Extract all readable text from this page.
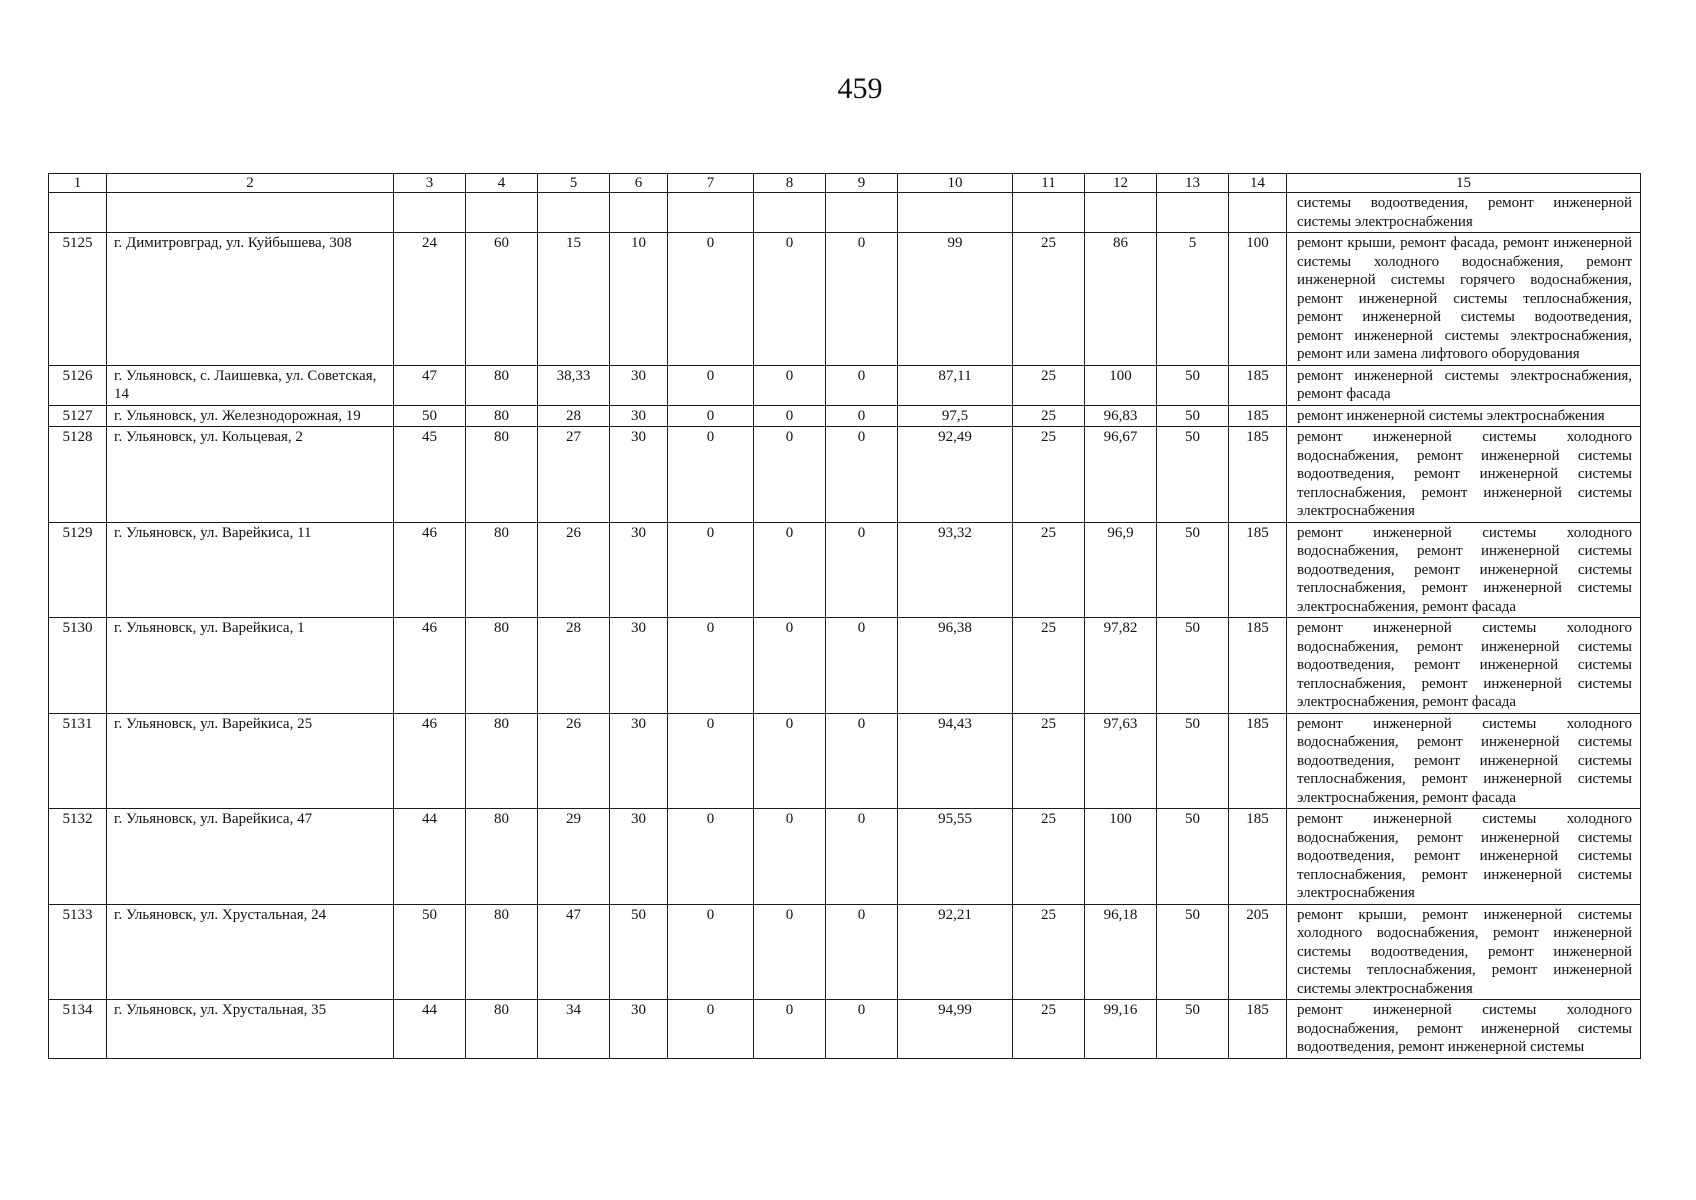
459
1	2	3	4	5	6	7	8	9	10	11	12	13	14	15
														системы водоотведения, ремонт инженерной системы электроснабжения
5125	г. Димитровград, ул. Куйбышева, 308	24	60	15	10	0	0	0	99	25	86	5	100	ремонт крыши, ремонт фасада, ремонт инженерной системы холодного водоснабжения, ремонт инженерной системы горячего водоснабжения, ремонт инженерной системы теплоснабжения, ремонт инженерной системы водоотведения, ремонт инженерной системы электроснабжения, ремонт или замена лифтового оборудования
5126	г. Ульяновск, с. Лаишевка, ул. Советская, 14	47	80	38,33	30	0	0	0	87,11	25	100	50	185	ремонт инженерной системы электроснабжения, ремонт фасада
5127	г. Ульяновск, ул. Железнодорожная, 19	50	80	28	30	0	0	0	97,5	25	96,83	50	185	ремонт инженерной системы электроснабжения
5128	г. Ульяновск, ул. Кольцевая, 2	45	80	27	30	0	0	0	92,49	25	96,67	50	185	ремонт инженерной системы холодного водоснабжения, ремонт инженерной системы водоотведения, ремонт инженерной системы теплоснабжения, ремонт инженерной системы электроснабжения
5129	г. Ульяновск, ул. Варейкиса, 11	46	80	26	30	0	0	0	93,32	25	96,9	50	185	ремонт инженерной системы холодного водоснабжения, ремонт инженерной системы водоотведения, ремонт инженерной системы теплоснабжения, ремонт инженерной системы электроснабжения, ремонт фасада
5130	г. Ульяновск, ул. Варейкиса, 1	46	80	28	30	0	0	0	96,38	25	97,82	50	185	ремонт инженерной системы холодного водоснабжения, ремонт инженерной системы водоотведения, ремонт инженерной системы теплоснабжения, ремонт инженерной системы электроснабжения, ремонт фасада
5131	г. Ульяновск, ул. Варейкиса, 25	46	80	26	30	0	0	0	94,43	25	97,63	50	185	ремонт инженерной системы холодного водоснабжения, ремонт инженерной системы водоотведения, ремонт инженерной системы теплоснабжения, ремонт инженерной системы электроснабжения, ремонт фасада
5132	г. Ульяновск, ул. Варейкиса, 47	44	80	29	30	0	0	0	95,55	25	100	50	185	ремонт инженерной системы холодного водоснабжения, ремонт инженерной системы водоотведения, ремонт инженерной системы теплоснабжения, ремонт инженерной системы электроснабжения
5133	г. Ульяновск, ул. Хрустальная, 24	50	80	47	50	0	0	0	92,21	25	96,18	50	205	ремонт крыши, ремонт инженерной системы холодного водоснабжения, ремонт инженерной системы водоотведения, ремонт инженерной системы теплоснабжения, ремонт инженерной системы электроснабжения
5134	г. Ульяновск, ул. Хрустальная, 35	44	80	34	30	0	0	0	94,99	25	99,16	50	185	ремонт инженерной системы холодного водоснабжения, ремонт инженерной системы водоотведения, ремонт инженерной системы
